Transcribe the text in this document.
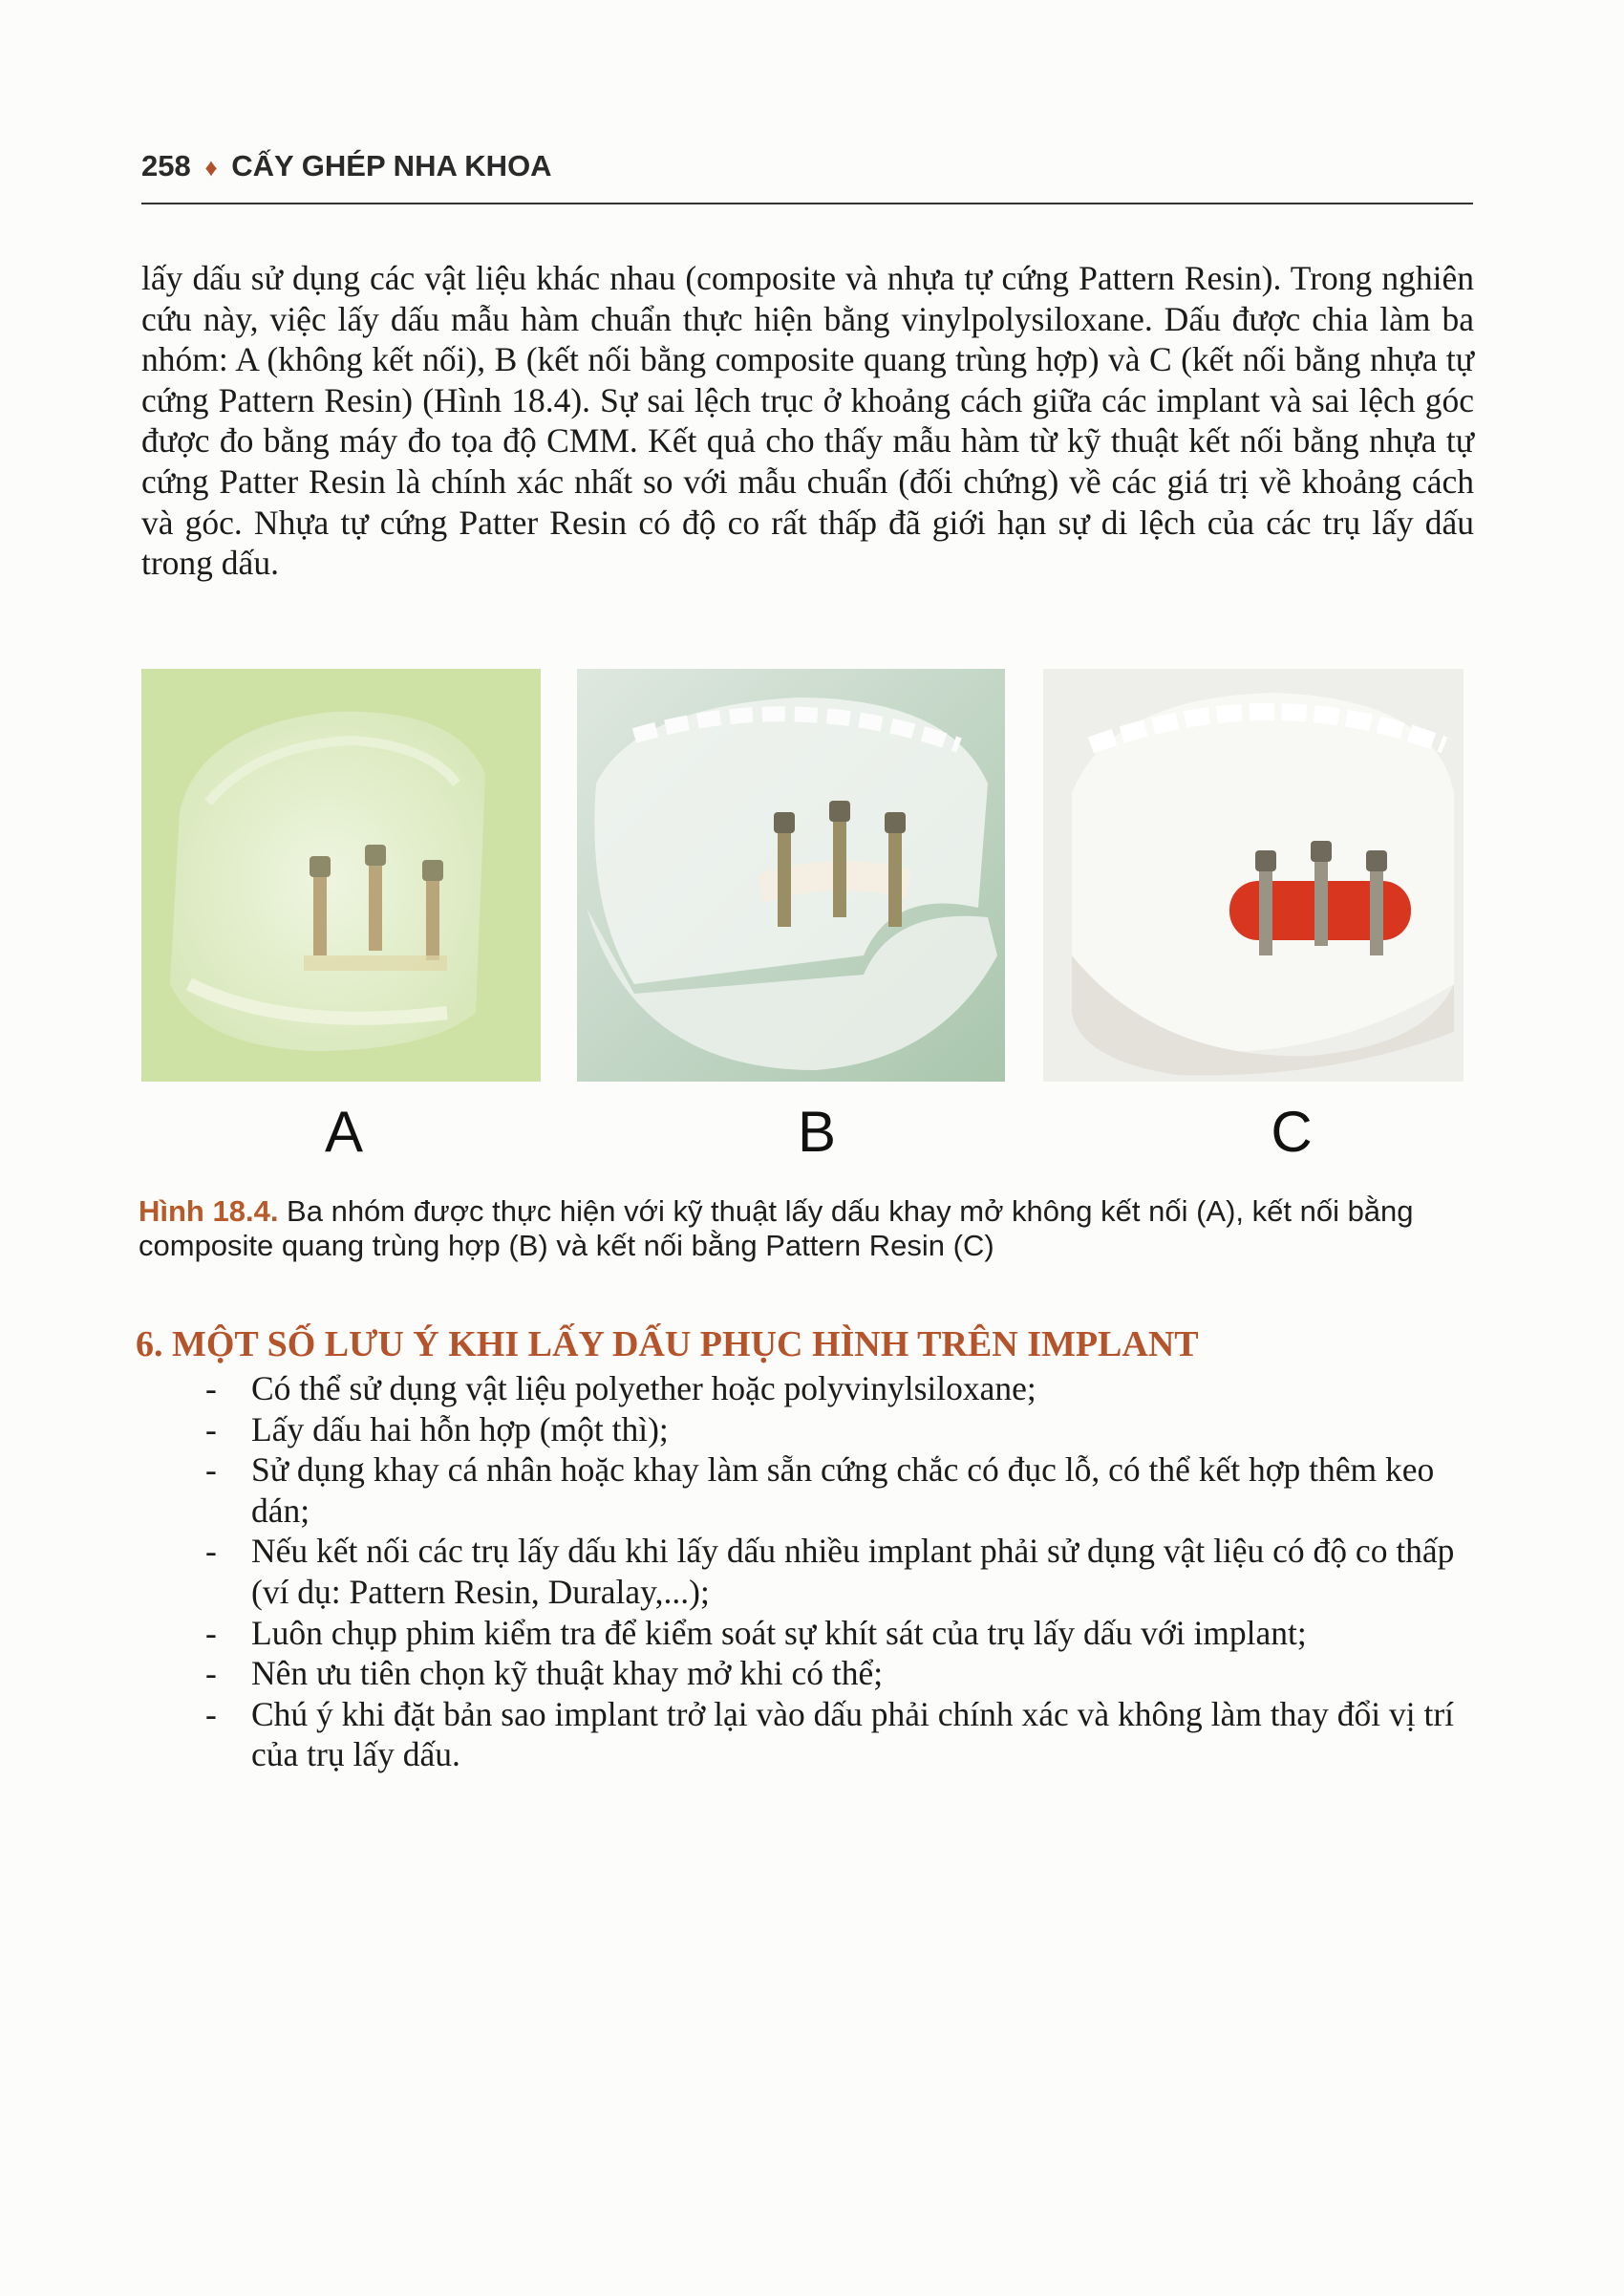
258 ♦ CẤY GHÉP NHA KHOA

lấy dấu sử dụng các vật liệu khác nhau (composite và nhựa tự cứng Pattern Resin). Trong nghiên cứu này, việc lấy dấu mẫu hàm chuẩn thực hiện bằng vinylpolysiloxane. Dấu được chia làm ba nhóm: A (không kết nối), B (kết nối bằng composite quang trùng hợp) và C (kết nối bằng nhựa tự cứng Pattern Resin) (Hình 18.4). Sự sai lệch trục ở khoảng cách giữa các implant và sai lệch góc được đo bằng máy đo tọa độ CMM. Kết quả cho thấy mẫu hàm từ kỹ thuật kết nối bằng nhựa tự cứng Patter Resin là chính xác nhất so với mẫu chuẩn (đối chứng) về các giá trị về khoảng cách và góc. Nhựa tự cứng Patter Resin có độ co rất thấp đã giới hạn sự di lệch của các trụ lấy dấu trong dấu.

A	B	C

Hình 18.4. Ba nhóm được thực hiện với kỹ thuật lấy dấu khay mở không kết nối (A), kết nối bằng composite quang trùng hợp (B) và kết nối bằng Pattern Resin (C)

6. MỘT SỐ LƯU Ý KHI LẤY DẤU PHỤC HÌNH TRÊN IMPLANT
- Có thể sử dụng vật liệu polyether hoặc polyvinylsiloxane;
- Lấy dấu hai hỗn hợp (một thì);
- Sử dụng khay cá nhân hoặc khay làm sẵn cứng chắc có đục lỗ, có thể kết hợp thêm keo dán;
- Nếu kết nối các trụ lấy dấu khi lấy dấu nhiều implant phải sử dụng vật liệu có độ co thấp (ví dụ: Pattern Resin, Duralay,...);
- Luôn chụp phim kiểm tra để kiểm soát sự khít sát của trụ lấy dấu với implant;
- Nên ưu tiên chọn kỹ thuật khay mở khi có thể;
- Chú ý khi đặt bản sao implant trở lại vào dấu phải chính xác và không làm thay đổi vị trí của trụ lấy dấu.
